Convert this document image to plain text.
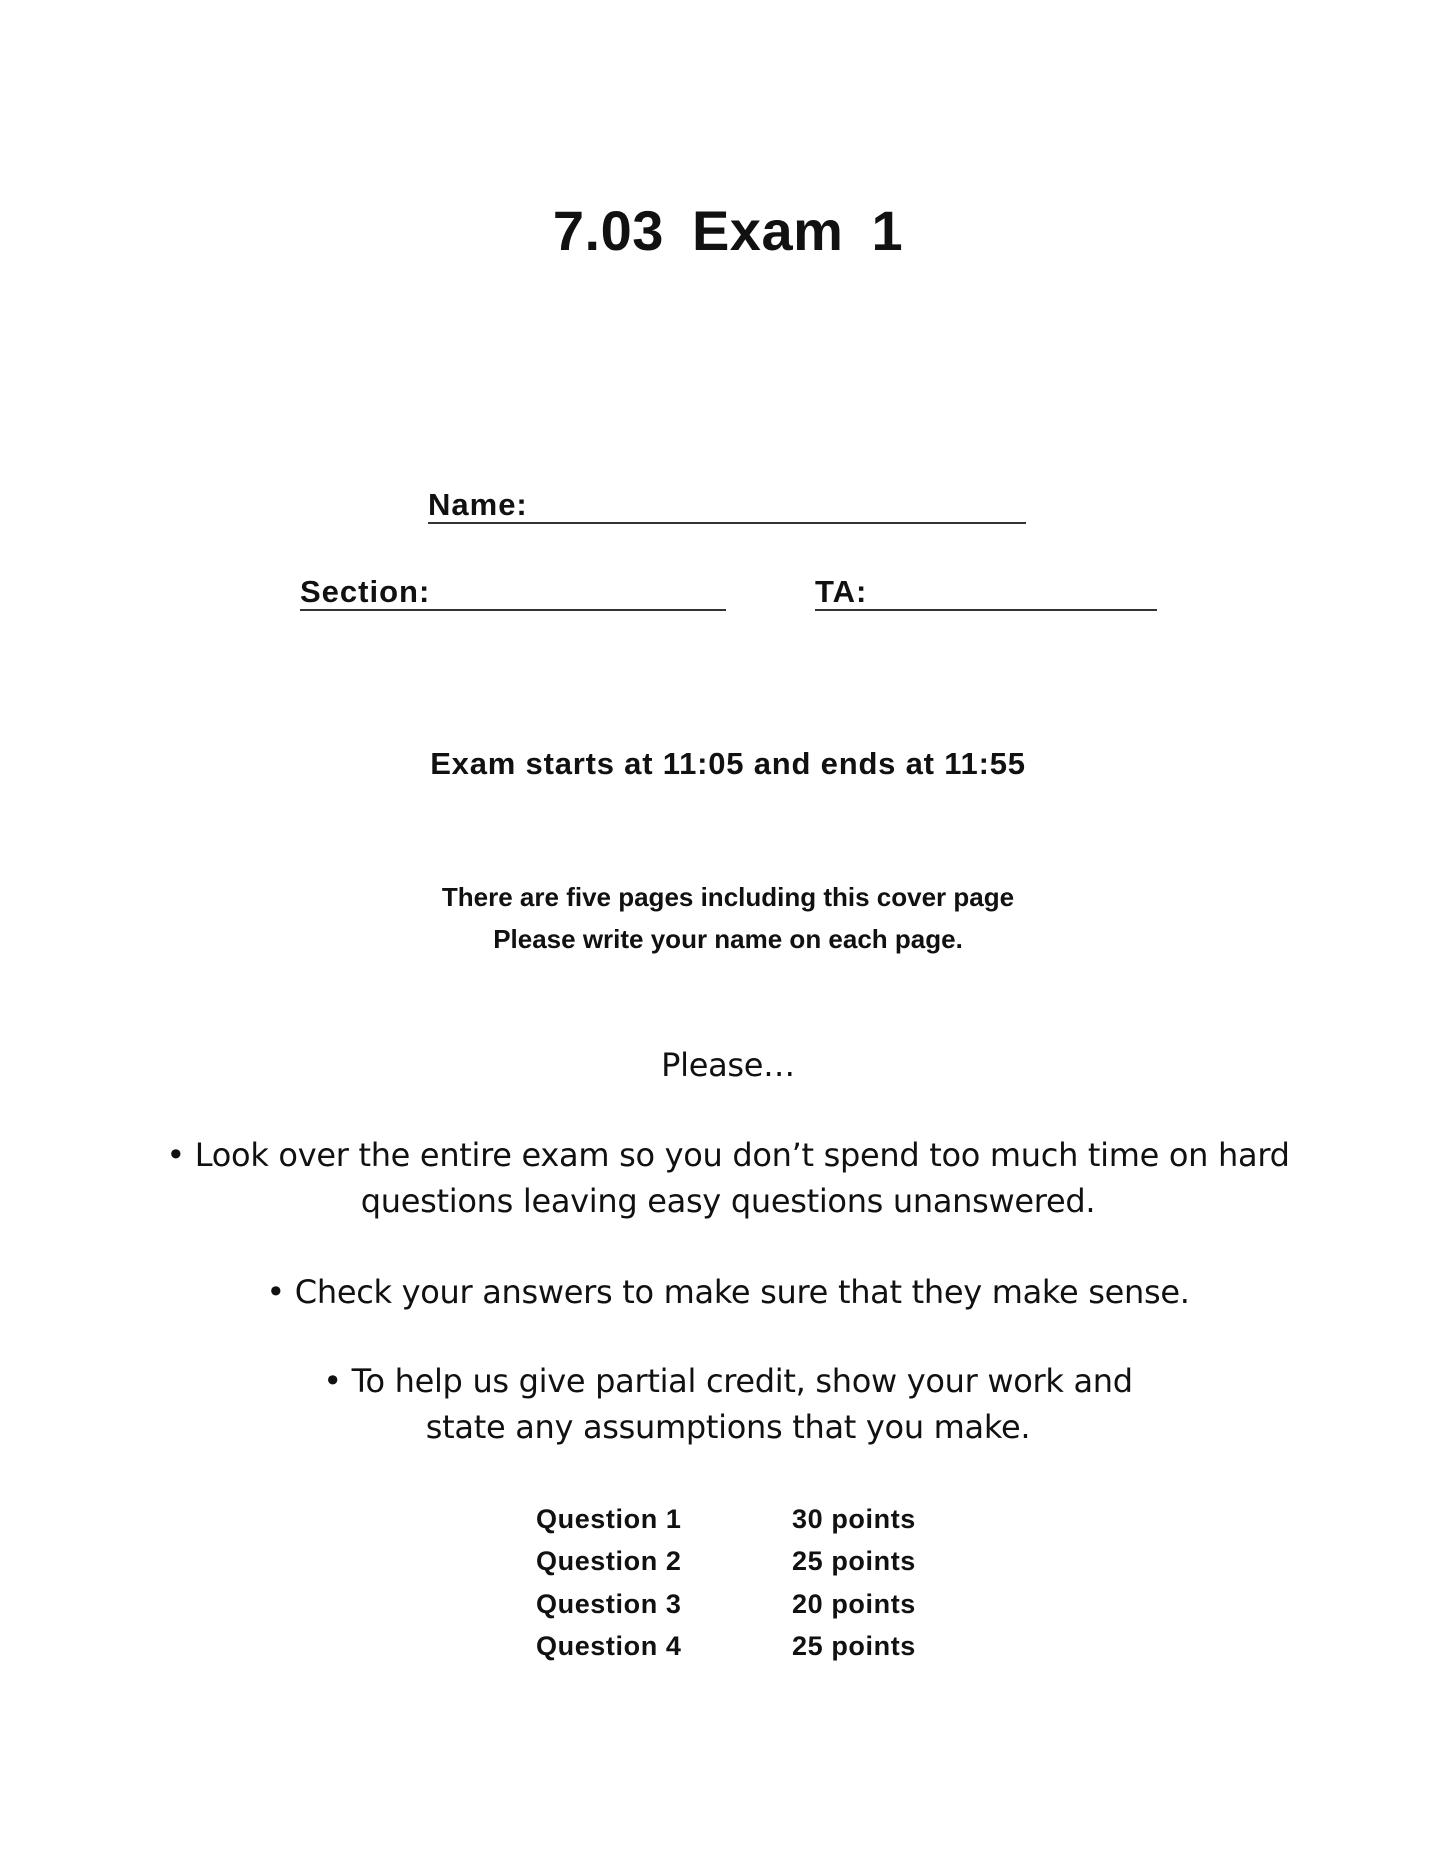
7.03 Exam 1
Name:
Section:	TA:
Exam starts at 11:05 and ends at 11:55
There are five pages including this cover page
Please write your name on each page.
Please…
• Look over the entire exam so you don’t spend too much time on hard
questions leaving easy questions unanswered.
• Check your answers to make sure that they make sense.
• To help us give partial credit, show your work and
state any assumptions that you make.
Question 1	30 points
Question 2	25 points
Question 3	20 points
Question 4	25 points
